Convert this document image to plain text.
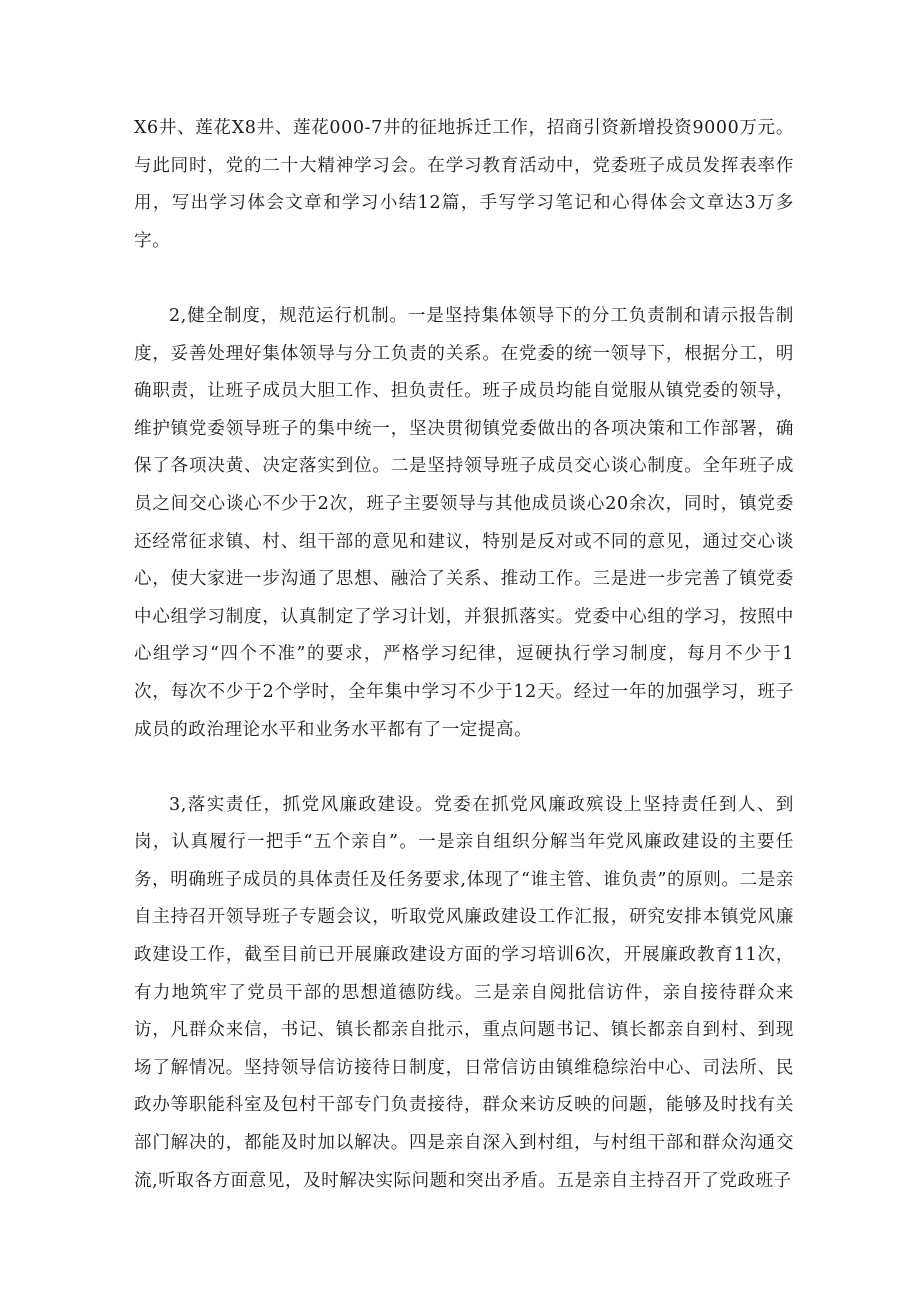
X6井、莲花X8井、莲花000-7井的征地拆迁工作，招商引资新增投资9000万元。与此同时，党的二十大精神学习会。在学习教育活动中，党委班子成员发挥表率作用，写出学习体会文章和学习小结12篇，手写学习笔记和心得体会文章达3万多字。

2,健全制度，规范运行机制。一是坚持集体领导下的分工负责制和请示报告制度，妥善处理好集体领导与分工负责的关系。在党委的统一领导下，根据分工，明确职责，让班子成员大胆工作、担负责任。班子成员均能自觉服从镇党委的领导，维护镇党委领导班子的集中统一，坚决贯彻镇党委做出的各项决策和工作部署，确保了各项决黄、决定落实到位。二是坚持领导班子成员交心谈心制度。全年班子成员之间交心谈心不少于2次，班子主要领导与其他成员谈心20余次，同时，镇党委还经常征求镇、村、组干部的意见和建议，特别是反对或不同的意见，通过交心谈心，使大家进一步沟通了思想、融洽了关系、推动工作。三是进一步完善了镇党委中心组学习制度，认真制定了学习计划，并狠抓落实。党委中心组的学习，按照中心组学习“四个不准”的要求，严格学习纪律，逗硬执行学习制度，每月不少于1次，每次不少于2个学时，全年集中学习不少于12天。经过一年的加强学习，班子成员的政治理论水平和业务水平都有了一定提高。

3,落实责任，抓党风廉政建设。党委在抓党风廉政殡设上坚持责任到人、到岗，认真履行一把手“五个亲自”。一是亲自组织分解当年党风廉政建设的主要任务，明确班子成员的具体责任及任务要求,体现了“谁主管、谁负责”的原则。二是亲自主持召开领导班子专题会议，听取党风廉政建设工作汇报，研究安排本镇党风廉政建设工作，截至目前已开展廉政建设方面的学习培训6次，开展廉政教育11次，有力地筑牢了党员干部的思想道德防线。三是亲自阅批信访件，亲自接待群众来访，凡群众来信，书记、镇长都亲自批示，重点问题书记、镇长都亲自到村、到现场了解情况。坚持领导信访接待日制度，日常信访由镇维稳综治中心、司法所、民政办等职能科室及包村干部专门负责接待，群众来访反映的问题，能够及时找有关部门解决的，都能及时加以解决。四是亲自深入到村组，与村组干部和群众沟通交流,听取各方面意见，及时解决实际问题和突出矛盾。五是亲自主持召开了党政班子
